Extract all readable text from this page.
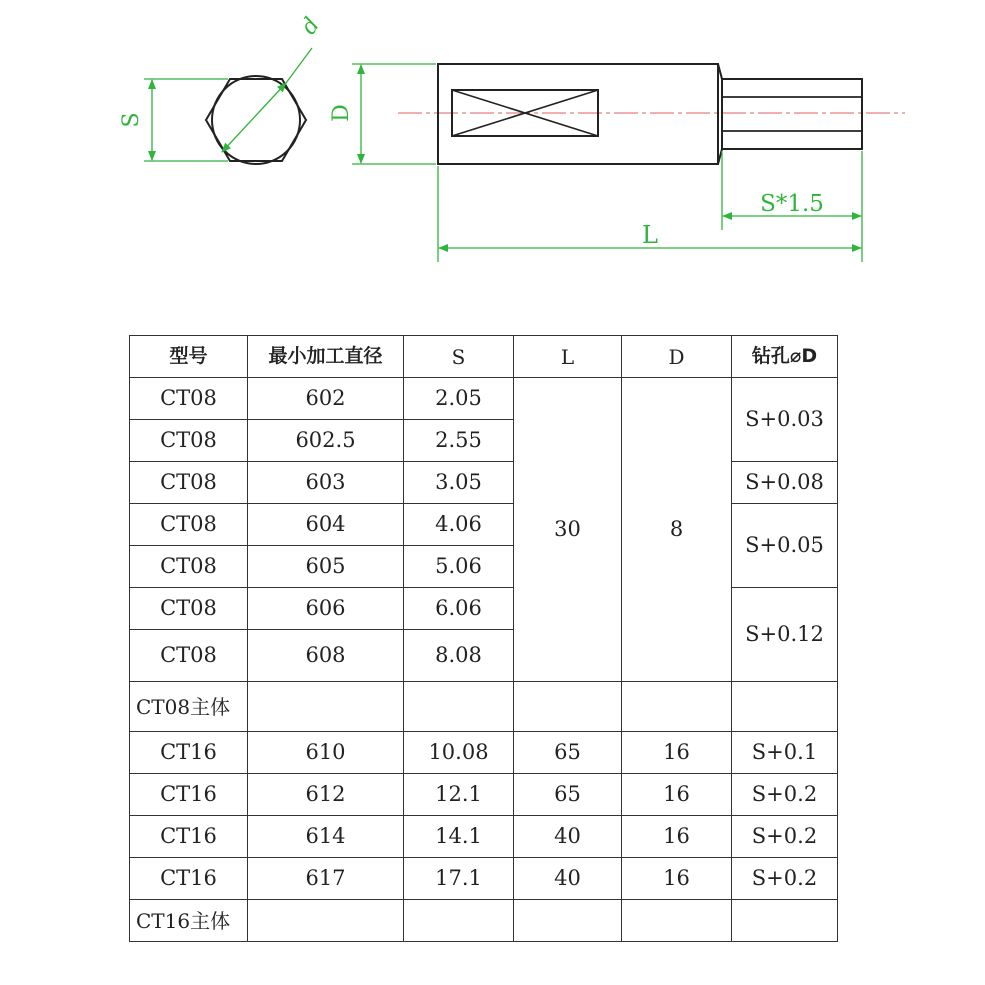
S
d
D
L
S*1.5
型号	最小加工直径	S	L	D	钻孔⌀D
CT08	602	2.05	30	8	S+0.03
CT08	602.5	2.55			
CT08	603	3.05			S+0.08
CT08	604	4.06			S+0.05
CT08	605	5.06			
CT08	606	6.06			S+0.12
CT08	608	8.08			
CT08主体					
CT16	610	10.08	65	16	S+0.1
CT16	612	12.1	65	16	S+0.2
CT16	614	14.1	40	16	S+0.2
CT16	617	17.1	40	16	S+0.2
CT16主体					
